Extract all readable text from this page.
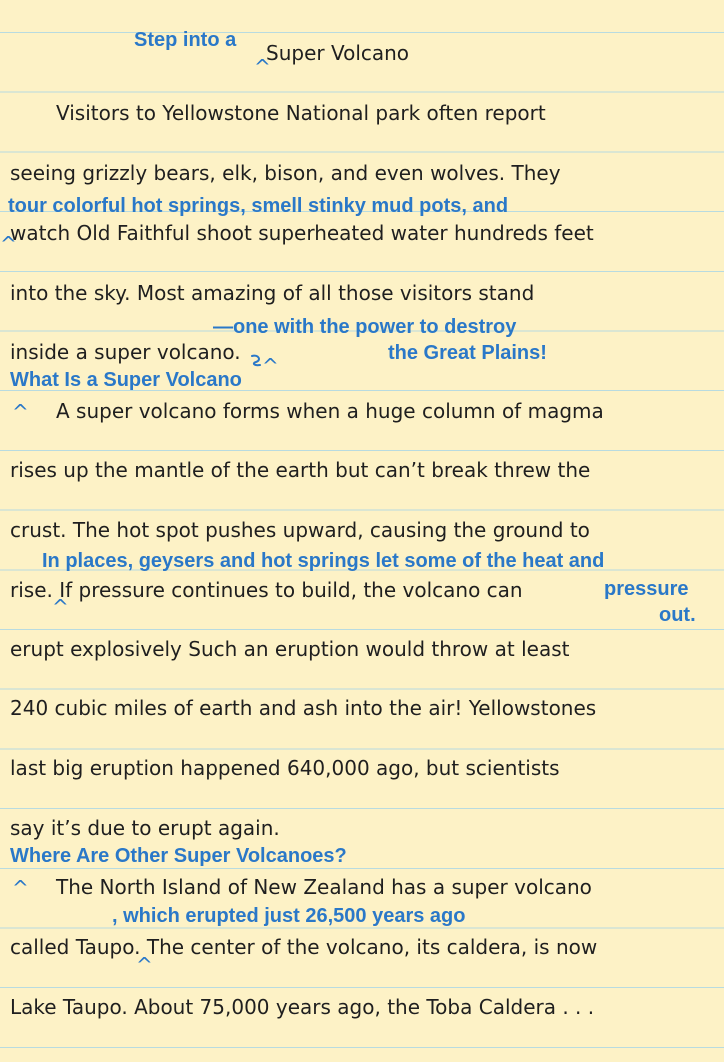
Step into a
^
Super Volcano
Visitors to Yellowstone National park often report
seeing grizzly bears, elk, bison, and even wolves. They
tour colorful hot springs, smell stinky mud pots, and
^
watch Old Faithful shoot superheated water hundreds feet
into the sky. Most amazing of all those visitors stand
—one with the power to destroy
the Great Plains!
inside a super volcano.
^
What Is a Super Volcano
^ A super volcano forms when a huge column of magma
rises up the mantle of the earth but can’t break threw the
crust. The hot spot pushes upward, causing the ground to
In places, geysers and hot springs let some of the heat and
rise. If pressure continues to build, the volcano can
^
pressure
out.
erupt explosively Such an eruption would throw at least
240 cubic miles of earth and ash into the air! Yellowstones
last big eruption happened 640,000 ago, but scientists
say it’s due to erupt again.
Where Are Other Super Volcanoes?
^ The North Island of New Zealand has a super volcano
, which erupted just 26,500 years ago
called Taupo. The center of the volcano, its caldera, is now
^
Lake Taupo. About 75,000 years ago, the Toba Caldera . . .
